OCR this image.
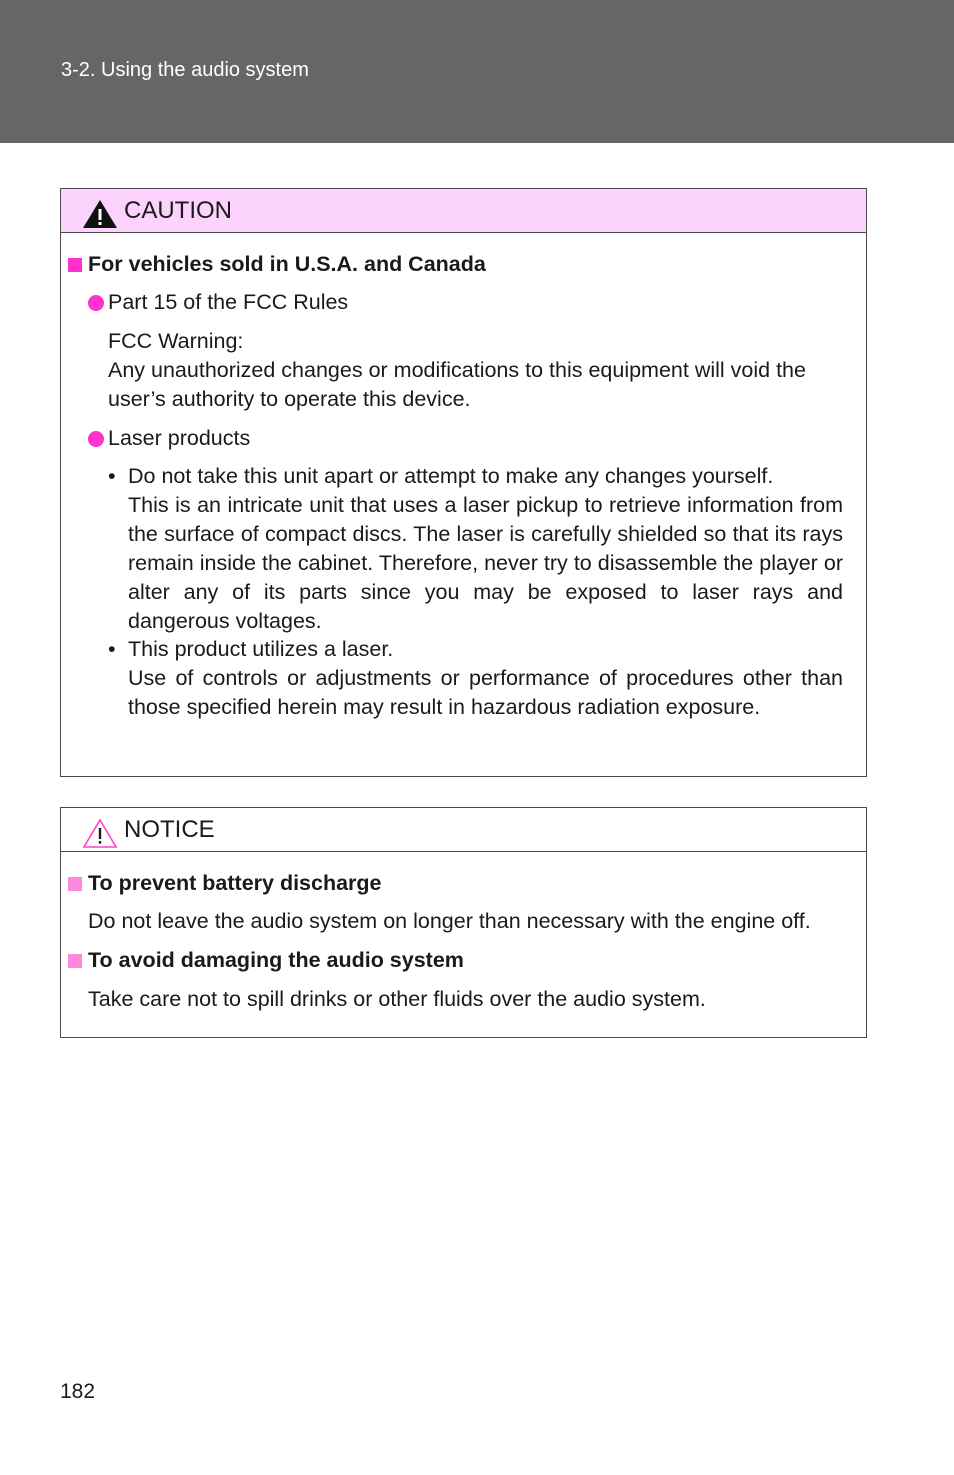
3-2. Using the audio system
CAUTION
For vehicles sold in U.S.A. and Canada
Part 15 of the FCC Rules
FCC Warning:
Any unauthorized changes or modifications to this equipment will void the
user’s authority to operate this device.
Laser products
• Do not take this unit apart or attempt to make any changes yourself.
This is an intricate unit that uses a laser pickup to retrieve information from the surface of compact discs. The laser is carefully shielded so that its rays remain inside the cabinet. Therefore, never try to disassemble the player or alter any of its parts since you may be exposed to laser rays and dangerous voltages.
• This product utilizes a laser.
Use of controls or adjustments or performance of procedures other than those specified herein may result in hazardous radiation exposure.
NOTICE
To prevent battery discharge
Do not leave the audio system on longer than necessary with the engine off.
To avoid damaging the audio system
Take care not to spill drinks or other fluids over the audio system.
182
